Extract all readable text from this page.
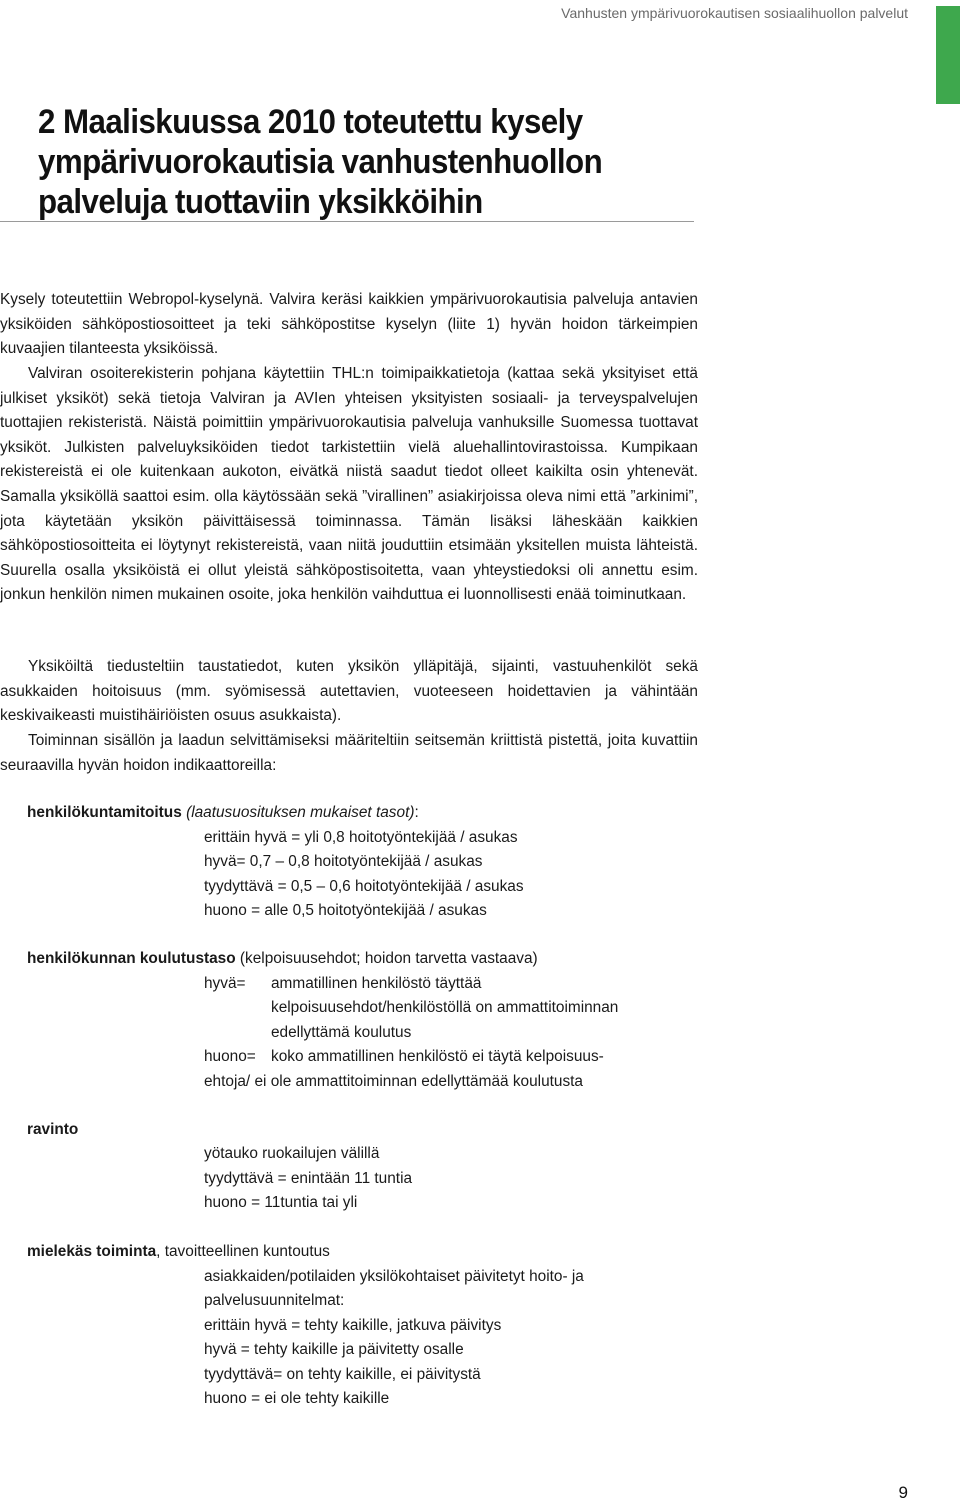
Vanhusten ympärivuorokautisen sosiaalihuollon palvelut
2 Maaliskuussa 2010 toteutettu kysely ympärivuorokautisia vanhustenhuollon palveluja tuottaviin yksikköihin

Kysely toteutettiin Webropol-kyselynä. Valvira keräsi kaikkien ympärivuorokautisia palveluja antavien yksiköiden sähköpostiosoitteet ja teki sähköpostitse kyselyn (liite 1) hyvän hoidon tärkeimpien kuvaajien tilanteesta yksiköissä.

Valviran osoiterekisterin pohjana käytettiin THL:n toimipaikkatietoja (kattaa sekä yksityiset että julkiset yksiköt) sekä tietoja Valviran ja AVIen yhteisen yksityisten sosiaali- ja terveyspalvelujen tuottajien rekisteristä. Näistä poimittiin ympärivuorokautisia palveluja vanhuksille Suomessa tuottavat yksiköt. Julkisten palveluyksiköiden tiedot tarkistettiin vielä aluehallintovirastoissa. Kumpikaan rekistereistä ei ole kuitenkaan aukoton, eivätkä niistä saadut tiedot olleet kaikilta osin yhtenevät. Samalla yksiköllä saattoi esim. olla käytössään sekä ”virallinen” asiakirjoissa oleva nimi että ”arkinimi”, jota käytetään yksikön päivittäisessä toiminnassa. Tämän lisäksi läheskään kaikkien sähköpostiosoitteita ei löytynyt rekistereistä, vaan niitä jouduttiin etsimään yksitellen muista lähteistä. Suurella osalla yksiköistä ei ollut yleistä sähköpostisoitetta, vaan yhteystiedoksi oli annettu esim. jonkun henkilön nimen mukainen osoite, joka henkilön vaihduttua ei luonnollisesti enää toiminutkaan.

Yksiköiltä tiedusteltiin taustatiedot, kuten yksikön ylläpitäjä, sijainti, vastuuhenkilöt sekä asukkaiden hoitoisuus (mm. syömisessä autettavien, vuoteeseen hoidettavien ja vähintään keskivaikeasti muistihäiriöisten osuus asukkaista).

Toiminnan sisällön ja laadun selvittämiseksi määriteltiin seitsemän kriittistä pistettä, joita kuvattiin seuraavilla hyvän hoidon indikaattoreilla:

henkilökuntamitoitus (laatusuosituksen mukaiset tasot):
erittäin hyvä = yli 0,8 hoitotyöntekijää / asukas
hyvä= 0,7 – 0,8 hoitotyöntekijää / asukas
tyydyttävä = 0,5 – 0,6 hoitotyöntekijää / asukas
huono = alle 0,5 hoitotyöntekijää / asukas
henkilökunnan koulutustaso (kelpoisuusehdot; hoidon tarvetta vastaava)
hyvä= ammatillinen henkilöstö täyttää
kelpoisuusehdot/henkilöstöllä on ammattitoiminnan
edellyttämä koulutus
huono= koko ammatillinen henkilöstö ei täytä kelpoisuus-
ehtoja/ ei ole ammattitoiminnan edellyttämää koulutusta
ravinto
yötauko ruokailujen välillä
tyydyttävä = enintään 11 tuntia
huono = 11tuntia tai yli
mielekäs toiminta, tavoitteellinen kuntoutus
asiakkaiden/potilaiden yksilökohtaiset päivitetyt hoito- ja
palvelusuunnitelmat:
erittäin hyvä = tehty kaikille, jatkuva päivitys
hyvä = tehty kaikille ja päivitetty osalle
tyydyttävä= on tehty kaikille, ei päivitystä
huono = ei ole tehty kaikille
9
